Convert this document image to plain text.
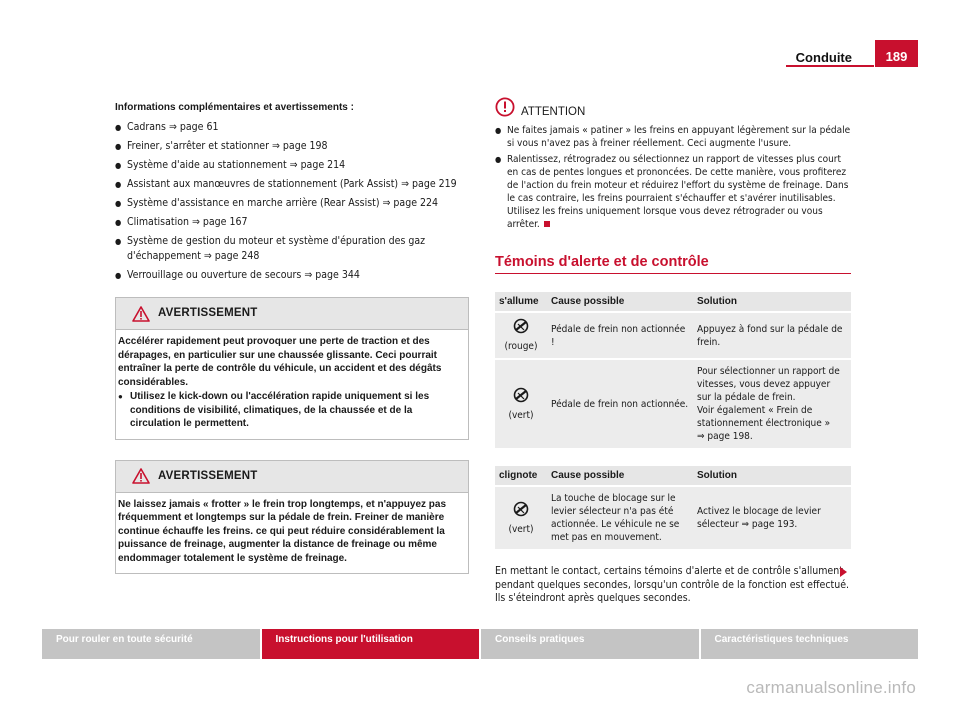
Conduite	189
Informations complémentaires et avertissements :
● Cadrans ⇒ page 61
● Freiner, s'arrêter et stationner ⇒ page 198
● Système d'aide au stationnement ⇒ page 214
● Assistant aux manœuvres de stationnement (Park Assist) ⇒ page 219
● Système d'assistance en marche arrière (Rear Assist) ⇒ page 224
● Climatisation ⇒ page 167
● Système de gestion du moteur et système d'épuration des gaz d'échappement ⇒ page 248
● Verrouillage ou ouverture de secours ⇒ page 344
AVERTISSEMENT

Accélérer rapidement peut provoquer une perte de traction et des dérapages, en particulier sur une chaussée glissante. Ceci pourrait entraîner la perte de contrôle du véhicule, un accident et des dégâts considérables.

● Utilisez le kick-down ou l'accélération rapide uniquement si les conditions de visibilité, climatiques, de la chaussée et de la circulation le permettent.

AVERTISSEMENT

Ne laissez jamais « frotter » le frein trop longtemps, et n'appuyez pas fréquemment et longtemps sur la pédale de frein. Freiner de manière continue échauffe les freins. ce qui peut réduire considérablement la puissance de freinage, augmenter la distance de freinage ou même endommager totalement le système de freinage.

ATTENTION
● Ne faites jamais « patiner » les freins en appuyant légèrement sur la pédale si vous n'avez pas à freiner réellement. Ceci augmente l'usure.
● Ralentissez, rétrogradez ou sélectionnez un rapport de vitesses plus court en cas de pentes longues et prononcées. De cette manière, vous profiterez de l'action du frein moteur et réduirez l'effort du système de freinage. Dans le cas contraire, les freins pourraient s'échauffer et s'avérer inutilisables. Utilisez les freins uniquement lorsque vous devez rétrograder ou vous arrêter.
Témoins d'alerte et de contrôle
s'allume	Cause possible	Solution

(rouge)	Pédale de frein non actionnée !	Appuyez à fond sur la pédale de frein.

(vert)	Pédale de frein non actionnée.	Pour sélectionner un rapport de vitesses, vous devez appuyer sur la pédale de frein.
Voir également « Frein de stationnement électronique »
⇒ page 198.
clignote	Cause possible	Solution

(vert)	La touche de blocage sur le levier sélecteur n'a pas été actionnée. Le véhicule ne se met pas en mouvement.	Activez le blocage de levier sélecteur ⇒ page 193.
En mettant le contact, certains témoins d'alerte et de contrôle s'allument pendant quelques secondes, lorsqu'un contrôle de la fonction est effectué. Ils s'éteindront après quelques secondes.
Pour rouler en toute sécurité	Instructions pour l'utilisation	Conseils pratiques	Caractéristiques techniques
carmanualsonline.info
